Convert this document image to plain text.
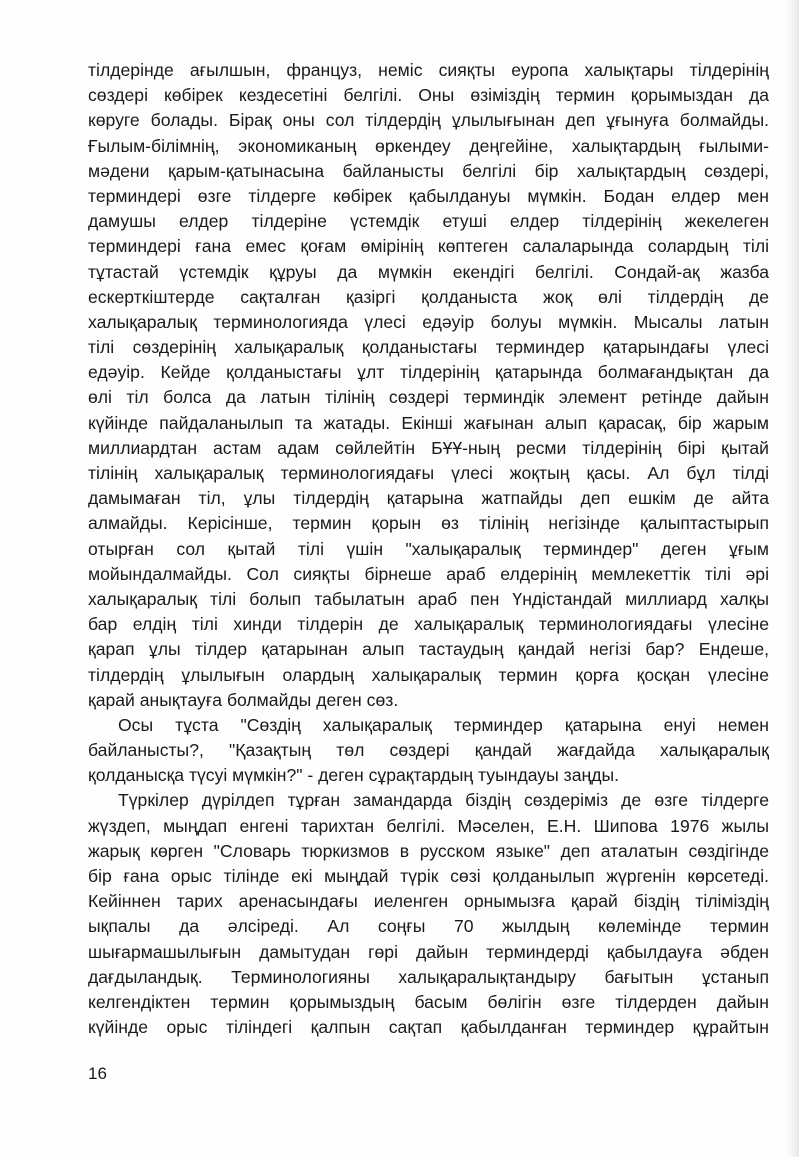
тілдерінде ағылшын, француз, неміс сияқты еуропа халықтары тілдерінің
сөздері көбірек кездесетіні белгілі. Оны өзіміздің термин қорымыздан да
көруге болады. Бірақ оны сол тілдердің ұлылығынан деп ұғынуға болмайды.
Ғылым-білімнің, экономиканың өркендеу деңгейіне, халықтардың ғылыми-
мәдени қарым-қатынасына байланысты белгілі бір халықтардың сөздері,
терминдері өзге тілдерге көбірек қабылдануы мүмкін. Бодан елдер мен
дамушы елдер тілдеріне үстемдік етуші елдер тілдерінің жекелеген
терминдері ғана емес қоғам өмірінің көптеген салаларында солардың тілі
тұтастай үстемдік құруы да мүмкін екендігі белгілі. Сондай-ақ жазба
ескерткіштерде сақталған қазіргі қолданыста жоқ өлі тілдердің де
халықаралық терминологияда үлесі едәуір болуы мүмкін. Мысалы латын
тілі сөздерінің халықаралық қолданыстағы терминдер қатарындағы үлесі
едәуір. Кейде қолданыстағы ұлт тілдерінің қатарында болмағандықтан да
өлі тіл болса да латын тілінің сөздері терминдік элемент ретінде дайын
күйінде пайдаланылып та жатады. Екінші жағынан алып қарасақ, бір жарым
миллиардтан астам адам сөйлейтін БҰҰ-ның ресми тілдерінің бірі қытай
тілінің халықаралық терминологиядағы үлесі жоқтың қасы. Ал бұл тілді
дамымаған тіл, ұлы тілдердің қатарына жатпайды деп ешкім де айта
алмайды. Керісінше, термин қорын өз тілінің негізінде қалыптастырып
отырған сол қытай тілі үшін "халықаралық терминдер" деген ұғым
мойындалмайды. Сол сияқты бірнеше араб елдерінің мемлекеттік тілі әрі
халықаралық тілі болып табылатын араб пен Үндістандай миллиард халқы
бар елдің тілі хинди тілдерін де халықаралық терминологиядағы үлесіне
қарап ұлы тілдер қатарынан алып тастаудың қандай негізі бар? Ендеше,
тілдердің ұлылығын олардың халықаралық термин қорға қосқан үлесіне
қарай анықтауға болмайды деген сөз.
Осы тұста "Сөздің халықаралық терминдер қатарына енуі немен
байланысты?, "Қазақтың төл сөздері қандай жағдайда халықаралық
қолданысқа түсуі мүмкін?" - деген сұрақтардың туындауы заңды.
Түркілер дүрілдеп тұрған замандарда біздің сөздеріміз де өзге тілдерге
жүздеп, мыңдап енгені тарихтан белгілі. Мәселен, Е.Н. Шипова 1976 жылы
жарық көрген "Словарь тюркизмов в русском языке" деп аталатын сөздігінде
бір ғана орыс тілінде екі мыңдай түрік сөзі қолданылып жүргенін көрсетеді.
Кейіннен тарих аренасындағы иеленген орнымызға қарай біздің тіліміздің
ықпалы да әлсіреді. Ал соңғы 70 жылдың көлемінде термин
шығармашылығын дамытудан гөрі дайын терминдерді қабылдауға әбден
дағдыландық. Терминологияны халықаралықтандыру бағытын ұстанып
келгендіктен термин қорымыздың басым бөлігін өзге тілдерден дайын
күйінде орыс тіліндегі қалпын сақтап қабылданған терминдер құрайтын
16
